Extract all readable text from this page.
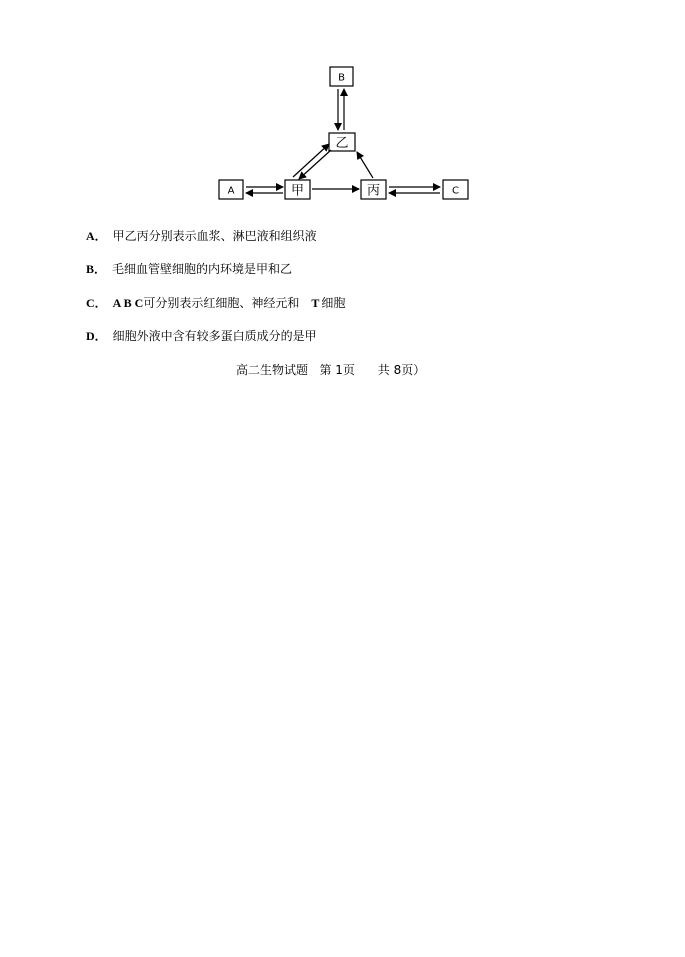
B
乙
A	甲	丙	C
A． 甲乙丙分别表示血浆、淋巴液和组织液
B． 毛细血管壁细胞的内环境是甲和乙
C． A B C可分别表示红细胞、神经元和 T 细胞
D． 细胞外液中含有较多蛋白质成分的是甲
高二生物试题   第 1页      共 8页）
